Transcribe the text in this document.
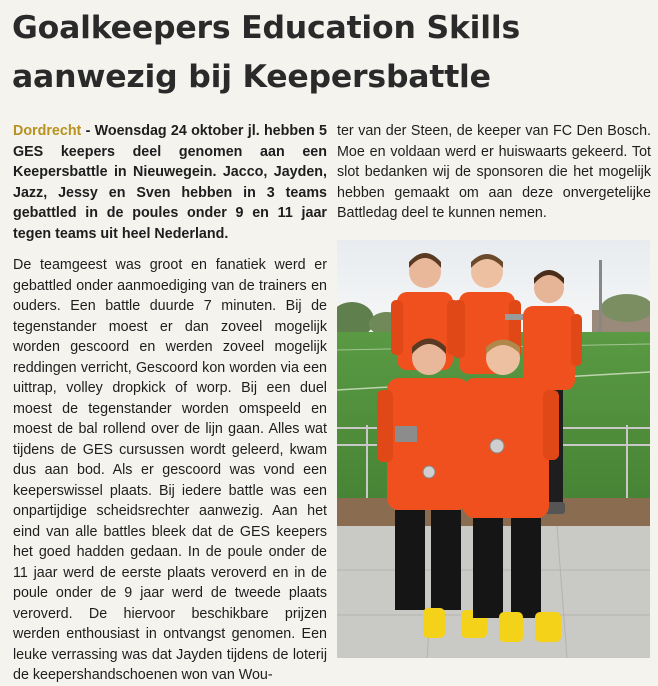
Goalkeepers Education Skills
aanwezig bij Keepersbattle

Dordrecht - Woensdag 24 oktober jl. hebben 5 GES keepers deel genomen aan een Keepersbattle in Nieuwegein. Jacco, Jayden, Jazz, Jessy en Sven hebben in 3 teams gebattled in de poules onder 9 en 11 jaar tegen teams uit heel Nederland.

De teamgeest was groot en fanatiek werd er gebattled onder aanmoediging van de trainers en ouders. Een battle duurde 7 minuten. Bij de tegenstander moest er dan zoveel mogelijk worden gescoord en werden zoveel mogelijk reddingen verricht, Gescoord kon worden via een uittrap, volley dropkick of worp. Bij een duel moest de tegenstander worden omspeeld en moest de bal rollend over de lijn gaan. Alles wat tijdens de GES cursussen wordt geleerd, kwam dus aan bod. Als er gescoord was vond een keeperswissel plaats. Bij iedere battle was een onpartijdige scheidsrechter aanwezig. Aan het eind van alle battles bleek dat de GES keepers het goed hadden gedaan. In de poule onder de 11 jaar werd de eerste plaats veroverd en in de poule onder de 9 jaar werd de tweede plaats veroverd. De hiervoor beschikbare prijzen werden enthousiast in ontvangst genomen. Een leuke verrassing was dat Jayden tijdens de loterij de keepershandschoenen won van Wou-

ter van der Steen, de keeper van FC Den Bosch. Moe en voldaan werd er huiswaarts gekeerd. Tot slot bedanken wij de sponsoren die het mogelijk hebben gemaakt om aan deze onvergetelijke Battledag deel te kunnen nemen.
